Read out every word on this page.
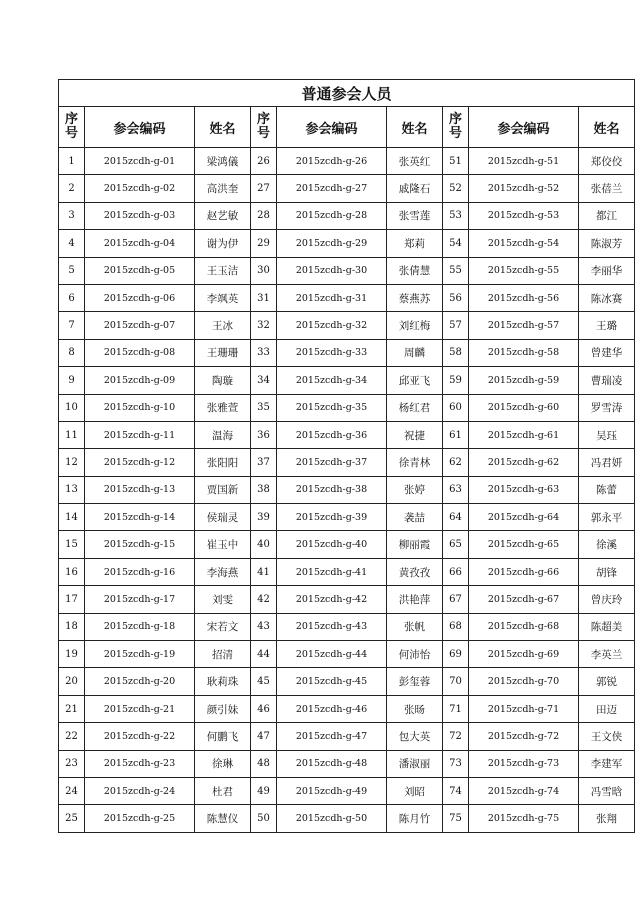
普通参会人员								
序号	参会编码	姓名	序号	参会编码	姓名	序号	参会编码	姓名
1	2015zcdh-g-01	梁鸿儀	26	2015zcdh-g-26	张英红	51	2015zcdh-g-51	郑佼佼
2	2015zcdh-g-02	高洪奎	27	2015zcdh-g-27	戚隆石	52	2015zcdh-g-52	张蓓兰
3	2015zcdh-g-03	赵艺敏	28	2015zcdh-g-28	张雪莲	53	2015zcdh-g-53	都江
4	2015zcdh-g-04	谢为伊	29	2015zcdh-g-29	郑莉	54	2015zcdh-g-54	陈淑芳
5	2015zcdh-g-05	王玉洁	30	2015zcdh-g-30	张倩慧	55	2015zcdh-g-55	李丽华
6	2015zcdh-g-06	李飒英	31	2015zcdh-g-31	蔡燕苏	56	2015zcdh-g-56	陈冰赛
7	2015zcdh-g-07	王冰	32	2015zcdh-g-32	刘红梅	57	2015zcdh-g-57	王璐
8	2015zcdh-g-08	王珊珊	33	2015zcdh-g-33	周麟	58	2015zcdh-g-58	曾建华
9	2015zcdh-g-09	陶璇	34	2015zcdh-g-34	邱亚飞	59	2015zcdh-g-59	曹瑞凌
10	2015zcdh-g-10	张雅萱	35	2015zcdh-g-35	杨红君	60	2015zcdh-g-60	罗雪涛
11	2015zcdh-g-11	温海	36	2015zcdh-g-36	祝捷	61	2015zcdh-g-61	吴珏
12	2015zcdh-g-12	张阳阳	37	2015zcdh-g-37	徐青林	62	2015zcdh-g-62	冯君妍
13	2015zcdh-g-13	贾国新	38	2015zcdh-g-38	张婷	63	2015zcdh-g-63	陈蕾
14	2015zcdh-g-14	侯瑞灵	39	2015zcdh-g-39	袭喆	64	2015zcdh-g-64	郭永平
15	2015zcdh-g-15	崔玉中	40	2015zcdh-g-40	柳丽霞	65	2015zcdh-g-65	徐溪
16	2015zcdh-g-16	李海燕	41	2015zcdh-g-41	黄孜孜	66	2015zcdh-g-66	胡锋
17	2015zcdh-g-17	刘雯	42	2015zcdh-g-42	洪艳萍	67	2015zcdh-g-67	曾庆玲
18	2015zcdh-g-18	宋若文	43	2015zcdh-g-43	张帆	68	2015zcdh-g-68	陈超美
19	2015zcdh-g-19	招清	44	2015zcdh-g-44	何沛怡	69	2015zcdh-g-69	李英兰
20	2015zcdh-g-20	耿莉珠	45	2015zcdh-g-45	彭玺蓉	70	2015zcdh-g-70	郭锐
21	2015zcdh-g-21	颜引妹	46	2015zcdh-g-46	张旸	71	2015zcdh-g-71	田迈
22	2015zcdh-g-22	何鹏飞	47	2015zcdh-g-47	包大英	72	2015zcdh-g-72	王文侠
23	2015zcdh-g-23	徐琳	48	2015zcdh-g-48	潘淑丽	73	2015zcdh-g-73	李建军
24	2015zcdh-g-24	杜君	49	2015zcdh-g-49	刘昭	74	2015zcdh-g-74	冯雪晗
25	2015zcdh-g-25	陈慧仪	50	2015zcdh-g-50	陈月竹	75	2015zcdh-g-75	张翔
